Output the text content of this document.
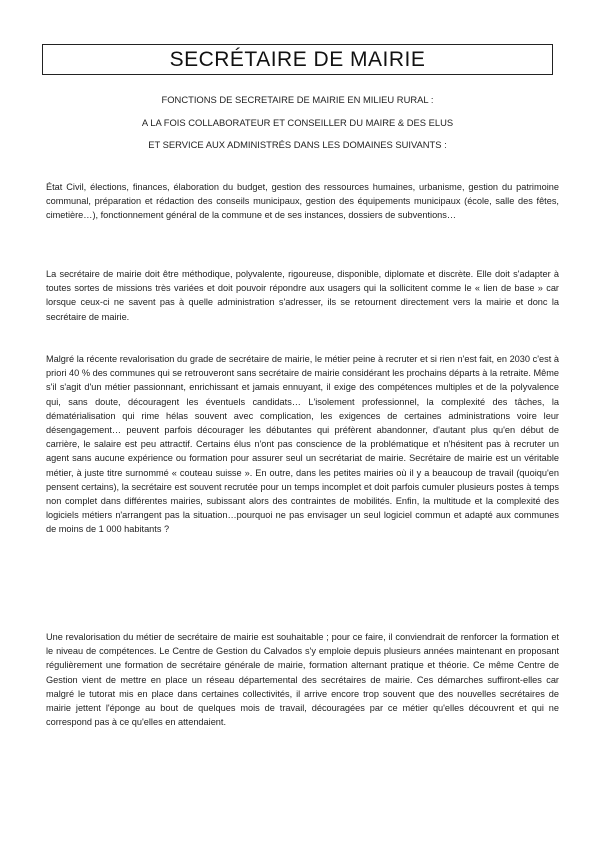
SECRÉTAIRE DE MAIRIE
FONCTIONS DE SECRETAIRE DE MAIRIE EN MILIEU RURAL :
A LA FOIS COLLABORATEUR ET CONSEILLER DU MAIRE & DES ELUS
ET SERVICE AUX ADMINISTRÉS DANS LES DOMAINES SUIVANTS :

État Civil, élections, finances, élaboration du budget, gestion des ressources humaines, urbanisme, gestion du patrimoine communal, préparation et rédaction des conseils municipaux, gestion des équipements municipaux (école, salle des fêtes, cimetière…), fonctionnement général de la commune et de ses instances, dossiers de subventions…

La secrétaire de mairie doit être méthodique, polyvalente, rigoureuse, disponible, diplomate et discrète. Elle doit s'adapter à toutes sortes de missions très variées et doit pouvoir répondre aux usagers qui la sollicitent comme le « lien de base » car lorsque ceux-ci ne savent pas à quelle administration s'adresser, ils se retournent directement vers la mairie et donc la secrétaire de mairie.

Malgré la récente revalorisation du grade de secrétaire de mairie, le métier peine à recruter et si rien n'est fait, en 2030 c'est à priori 40 % des communes qui se retrouveront sans secrétaire de mairie considérant les prochains départs à la retraite. Même s'il s'agit d'un métier passionnant, enrichissant et jamais ennuyant, il exige des compétences multiples et de la polyvalence qui, sans doute, découragent les éventuels candidats… L'isolement professionnel, la complexité des tâches, la dématérialisation qui rime hélas souvent avec complication, les exigences de certaines administrations voire leur désengagement… peuvent parfois décourager les débutantes qui préfèrent abandonner, d'autant plus qu'en début de carrière, le salaire est peu attractif. Certains élus n'ont pas conscience de la problématique et n'hésitent pas à recruter un agent sans aucune expérience ou formation pour assurer seul un secrétariat de mairie. Secrétaire de mairie est un véritable métier, à juste titre surnommé « couteau suisse ». En outre, dans les petites mairies où il y a beaucoup de travail (quoiqu'en pensent certains), la secrétaire est souvent recrutée pour un temps incomplet et doit parfois cumuler plusieurs postes à temps non complet dans différentes mairies, subissant alors des contraintes de mobilités. Enfin, la multitude et la complexité des logiciels métiers n'arrangent pas la situation…pourquoi ne pas envisager un seul logiciel commun et adapté aux communes de moins de 1 000 habitants ?

Une revalorisation du métier de secrétaire de mairie est souhaitable ; pour ce faire, il conviendrait de renforcer la formation et le niveau de compétences. Le Centre de Gestion du Calvados s'y emploie depuis plusieurs années maintenant en proposant régulièrement une formation de secrétaire générale de mairie, formation alternant pratique et théorie. Ce même Centre de Gestion vient de mettre en place un réseau départemental des secrétaires de mairie. Ces démarches suffiront-elles car malgré le tutorat mis en place dans certaines collectivités, il arrive encore trop souvent que des nouvelles secrétaires de mairie jettent l'éponge au bout de quelques mois de travail, découragées par ce métier qu'elles découvrent et qui ne correspond pas à ce qu'elles en attendaient.
